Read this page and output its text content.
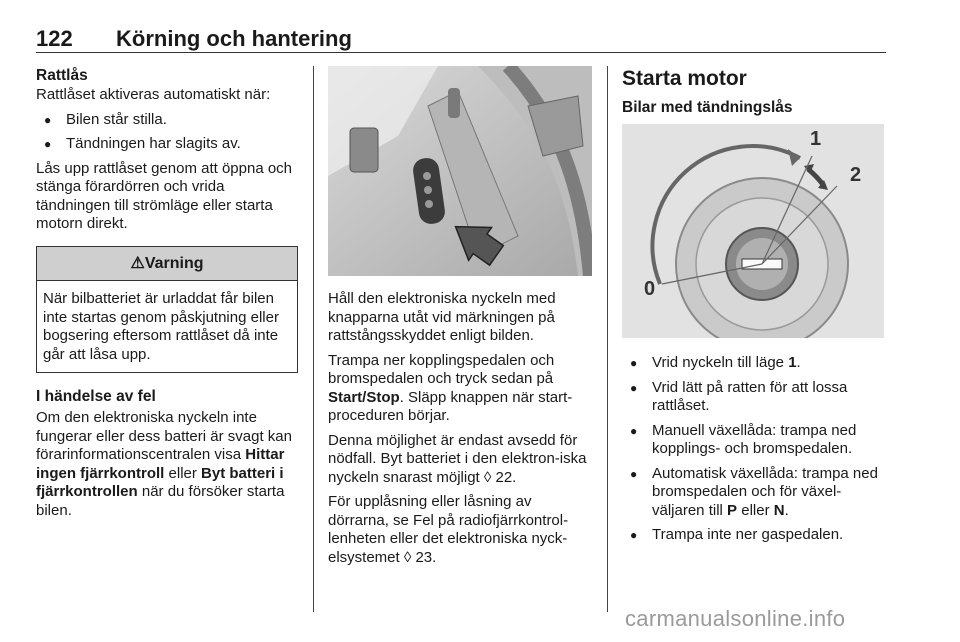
122 Körning och hantering
Rattlås

Rattlåset aktiveras automatiskt när:

● Bilen står stilla.
● Tändningen har slagits av.

Lås upp rattlåset genom att öppna och stänga förardörren och vrida tändningen till strömläge eller starta motorn direkt.

⚠Varning
När bilbatteriet är urladdat får bilen inte startas genom påskjutning eller bogsering eftersom rattlåset då inte går att låsa upp.
I händelse av fel

Om den elektroniska nyckeln inte fungerar eller dess batteri är svagt kan förarinformationscentralen visa Hittar ingen fjärrkontroll eller Byt batteri i fjärrkontrollen när du försöker starta bilen.

Håll den elektroniska nyckeln med knapparna utåt vid märkningen på rattstångsskyddet enligt bilden.

Trampa ner kopplingspedalen och bromspedalen och tryck sedan på Start/Stop. Släpp knappen när start-proceduren börjar.

Denna möjlighet är endast avsedd för nödfall. Byt batteriet i den elektron-iska nyckeln snarast möjligt ◊ 22.

För upplåsning eller låsning av dörrarna, se Fel på radiofjärrkontrol-lenheten eller det elektroniska nyck-elsystemet ◊ 23.

Starta motor
Bilar med tändningslås
0
1
2
● Vrid nyckeln till läge 1.
● Vrid lätt på ratten för att lossa rattlåset.
● Manuell växellåda: trampa ned kopplings- och bromspedalen.
● Automatisk växellåda: trampa ned bromspedalen och för växel-väljaren till P eller N.
● Trampa inte ner gaspedalen.
carmanualsonline.info
